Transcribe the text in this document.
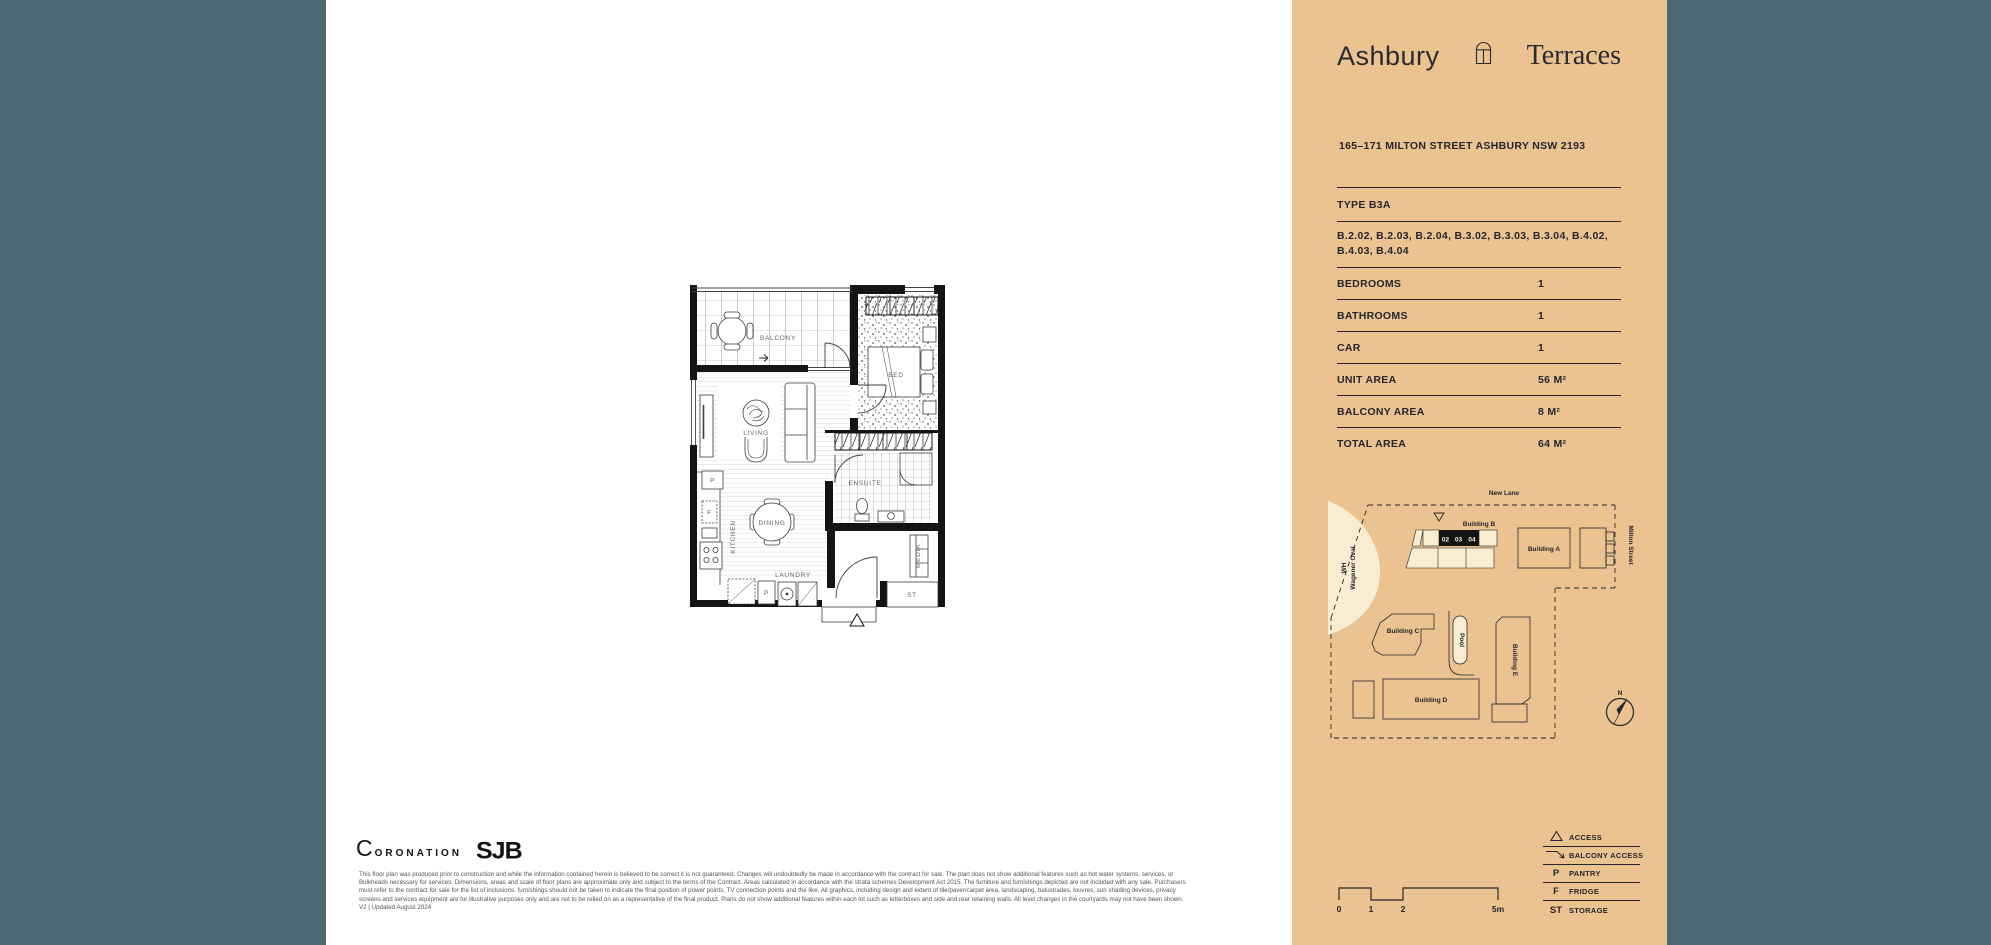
BALCONY
LIVING
BED
ENSUITE
DINING
KITCHEN
MEDIA
LAUNDRY
ST
P
P
F
CORONATION SJB
This floor plan was produced prior to construction and while the information contained herein is believed to be correct it is not guaranteed, Changes will undoubtedly be made in accordance with the contract for sale. The plan does not show additional features such as hot water systems, services, or
Bulkheads necessary for services. Dimensions, areas and scale of floor plans are approximate only and subject to the terms of the Contract. Areas calculated in accordance with the strata schemes Development Act 2015. The furniture and furnishings depicted are not included with any sale. Purchasers
must refer to the contract for sale for the list of inclusions. furnishings should not be taken to indicate the final position of power points, TV connection points and the like. All graphics, including design and extent of tile/paver/carpet area, landscaping, balustrades, louvres, sun shading devices, privacy
screens and services equipment are for illustrative purposes only and are not to be relied on as a representative of the final product. Plans do not show additional features within each lot such as letterboxes and side and rear retaining walls. All level changes in the courtyards may not have been shown.
V2 | Updated August 2024
Ashbury	Terraces
165–171 MILTON STREET ASHBURY NSW 2193
TYPE B3A
B.2.02, B.2.03, B.2.04, B.3.02, B.3.03, B.3.04, B.4.02,
B.4.03, B.4.04
BEDROOMS	1
BATHROOMS	1
CAR	1
UNIT AREA	56 M²
BALCONY AREA	8 M²
TOTAL AREA	64 M²
New Lane
Milton Street
WH Wagener Oval
Building B
02 03 04
Building A
Building C
Pool
Building E
Building D
N
ACCESS
BALCONY ACCESS
P	PANTRY
F	FRIDGE
ST STORAGE
0	1	2	5m
